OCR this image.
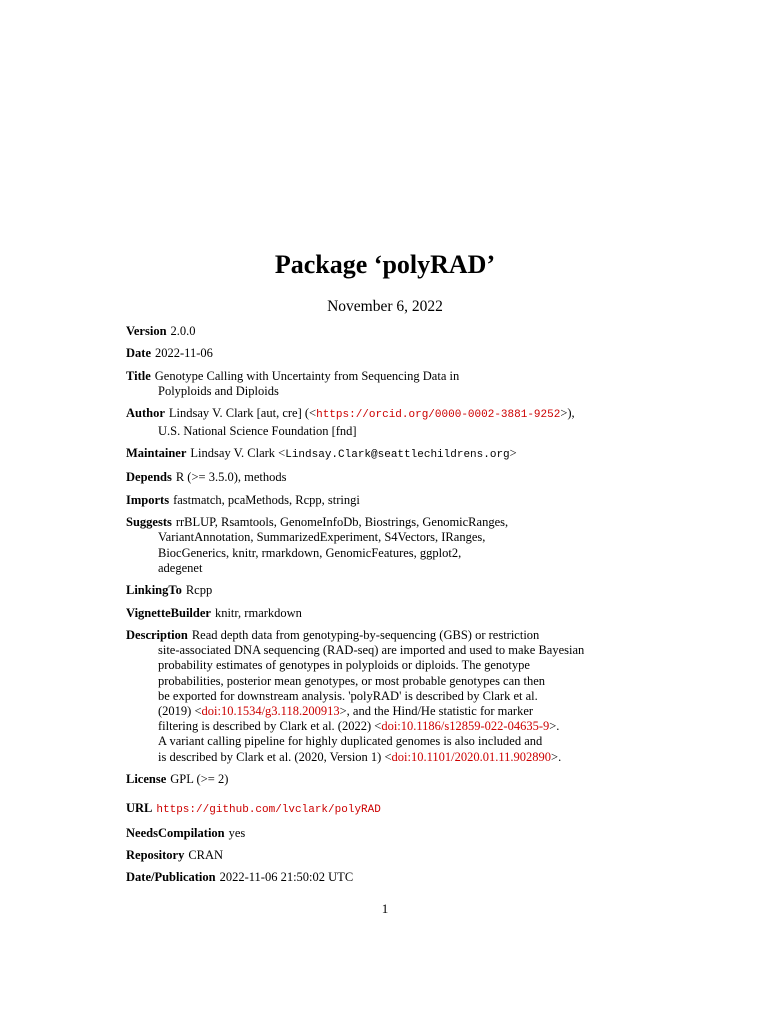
Package ‘polyRAD’
November 6, 2022
Version 2.0.0
Date 2022-11-06
Title Genotype Calling with Uncertainty from Sequencing Data in
Polyploids and Diploids
Author Lindsay V. Clark [aut, cre] (<https://orcid.org/0000-0002-3881-9252>),
U.S. National Science Foundation [fnd]
Maintainer Lindsay V. Clark <Lindsay.Clark@seattlechildrens.org>
Depends R (>= 3.5.0), methods
Imports fastmatch, pcaMethods, Rcpp, stringi
Suggests rrBLUP, Rsamtools, GenomeInfoDb, Biostrings, GenomicRanges,
VariantAnnotation, SummarizedExperiment, S4Vectors, IRanges,
BiocGenerics, knitr, rmarkdown, GenomicFeatures, ggplot2,
adegenet
LinkingTo Rcpp
VignetteBuilder knitr, rmarkdown
Description Read depth data from genotyping-by-sequencing (GBS) or restriction
site-associated DNA sequencing (RAD-seq) are imported and used to make Bayesian
probability estimates of genotypes in polyploids or diploids. The genotype
probabilities, posterior mean genotypes, or most probable genotypes can then
be exported for downstream analysis. 'polyRAD' is described by Clark et al.
(2019) <doi:10.1534/g3.118.200913>, and the Hind/He statistic for marker
filtering is described by Clark et al. (2022) <doi:10.1186/s12859-022-04635-9>.
A variant calling pipeline for highly duplicated genomes is also included and
is described by Clark et al. (2020, Version 1) <doi:10.1101/2020.01.11.902890>.
License GPL (>= 2)
URL https://github.com/lvclark/polyRAD
NeedsCompilation yes
Repository CRAN
Date/Publication 2022-11-06 21:50:02 UTC
1
